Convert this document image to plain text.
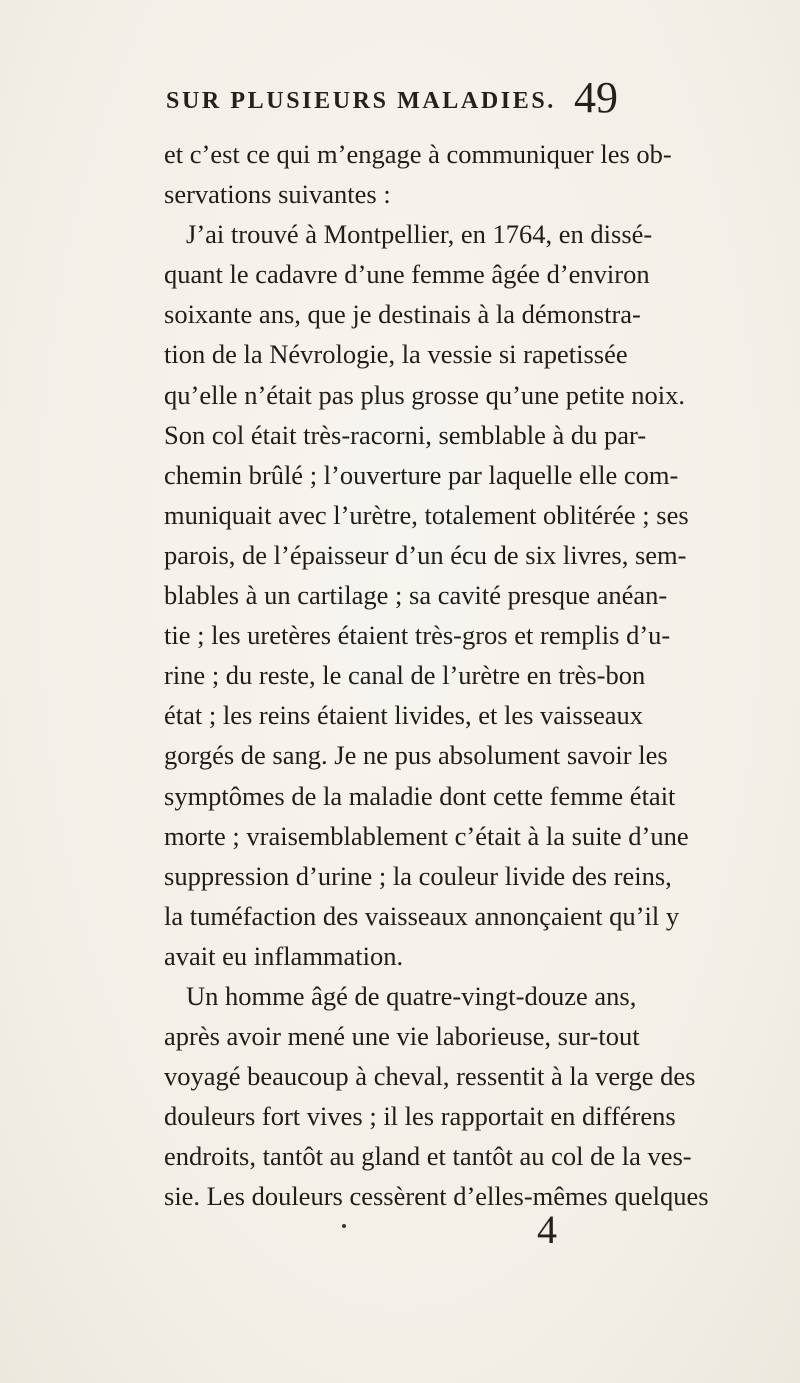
SUR PLUSIEURS MALADIES. 49
et c’est ce qui m’engage à communiquer les ob-
servations suivantes :
J’ai trouvé à Montpellier, en 1764, en dissé-
quant le cadavre d’une femme âgée d’environ
soixante ans, que je destinais à la démonstra-
tion de la Névrologie, la vessie si rapetissée
qu’elle n’était pas plus grosse qu’une petite noix.
Son col était très-racorni, semblable à du par-
chemin brûlé ; l’ouverture par laquelle elle com-
muniquait avec l’urètre, totalement oblitérée ; ses
parois, de l’épaisseur d’un écu de six livres, sem-
blables à un cartilage ; sa cavité presque anéan-
tie ; les uretères étaient très-gros et remplis d’u-
rine ; du reste, le canal de l’urètre en très-bon
état ; les reins étaient livides, et les vaisseaux
gorgés de sang. Je ne pus absolument savoir les
symptômes de la maladie dont cette femme était
morte ; vraisemblablement c’était à la suite d’une
suppression d’urine ; la couleur livide des reins,
la tuméfaction des vaisseaux annonçaient qu’il y
avait eu inflammation.
Un homme âgé de quatre-vingt-douze ans,
après avoir mené une vie laborieuse, sur-tout
voyagé beaucoup à cheval, ressentit à la verge des
douleurs fort vives ; il les rapportait en différens
endroits, tantôt au gland et tantôt au col de la ves-
sie. Les douleurs cessèrent d’elles-mêmes quelques
4
